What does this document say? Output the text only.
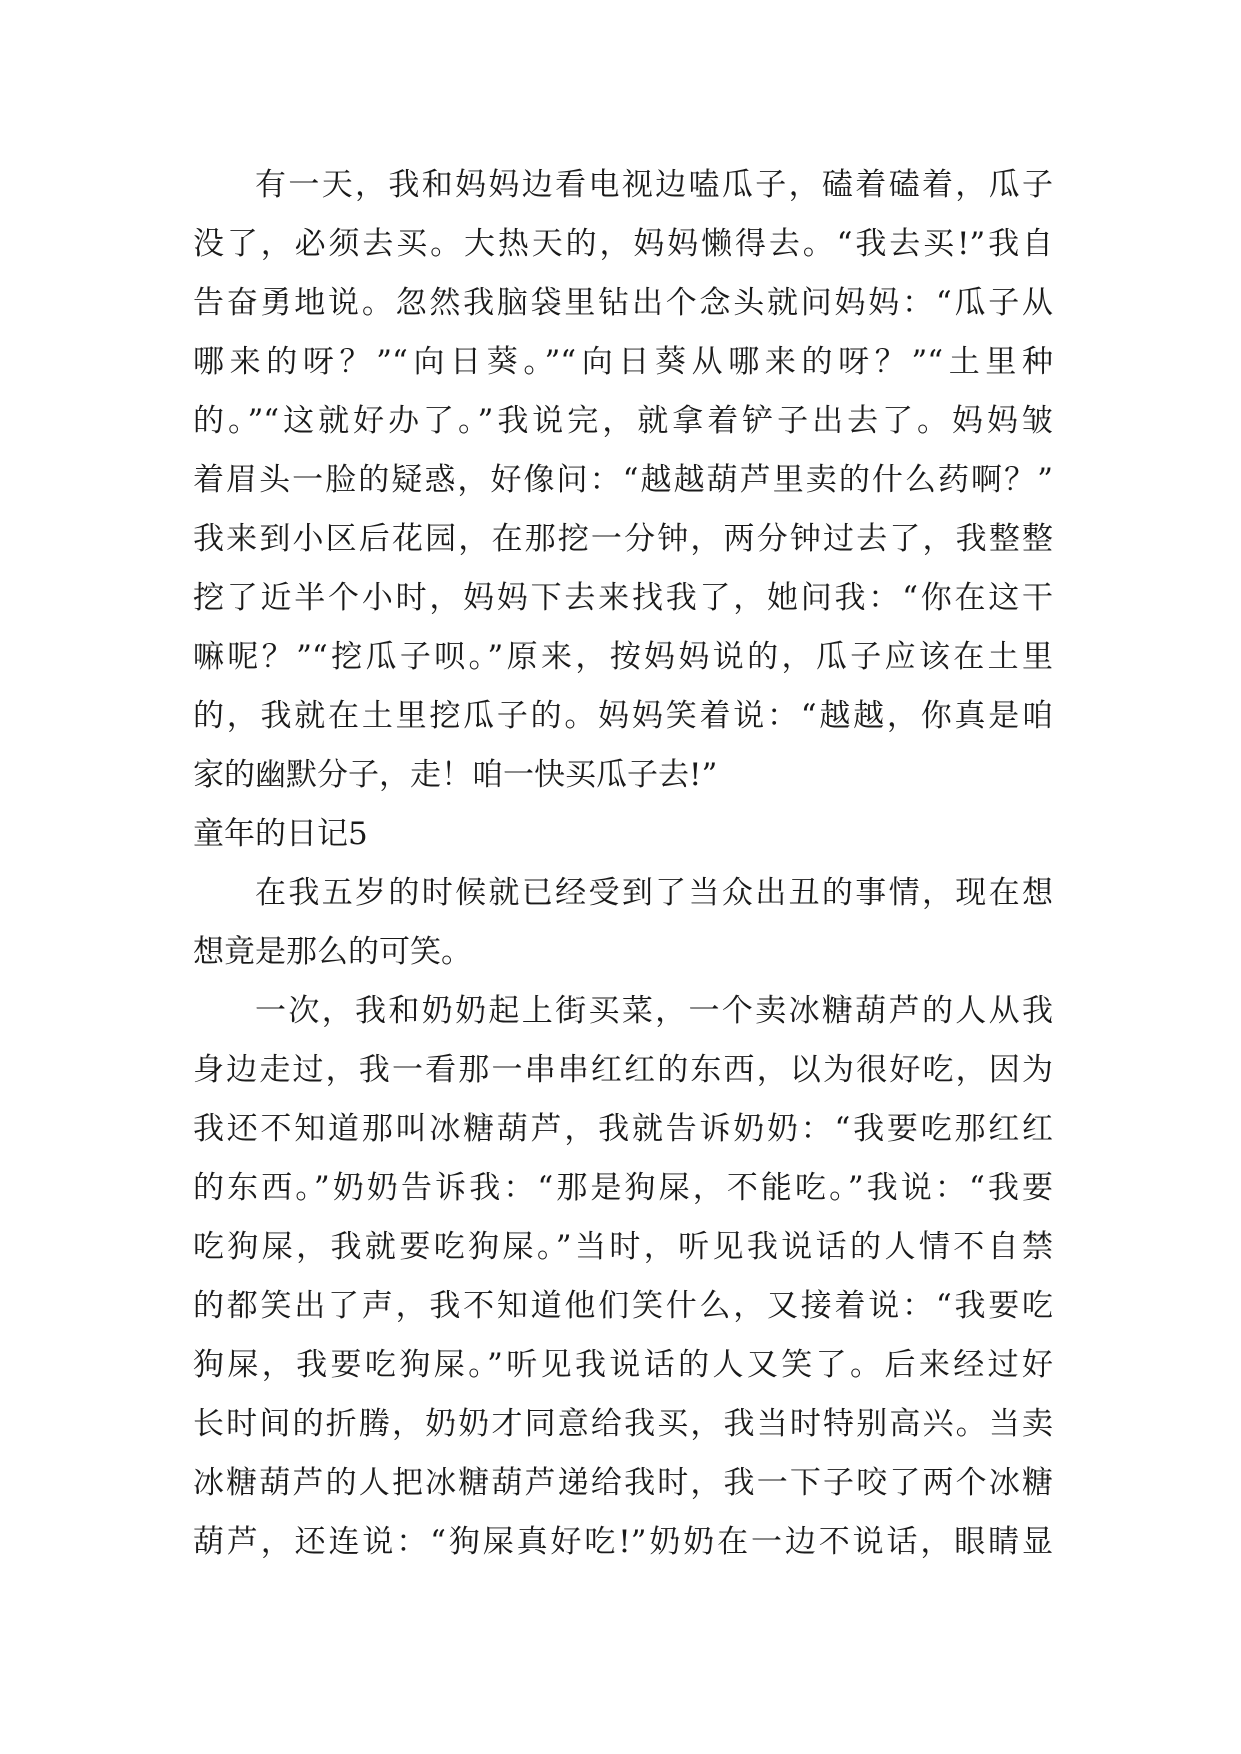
有一天，我和妈妈边看电视边嗑瓜子，磕着磕着，瓜子
没了，必须去买。大热天的，妈妈懒得去。“我去买!”我自
告奋勇地说。忽然我脑袋里钻出个念头就问妈妈：“瓜子从
哪来的呀？”“向日葵。”“向日葵从哪来的呀？”“土里种
的。”“这就好办了。”我说完，就拿着铲子出去了。妈妈皱
着眉头一脸的疑惑，好像问：“越越葫芦里卖的什么药啊？”
我来到小区后花园，在那挖一分钟，两分钟过去了，我整整
挖了近半个小时，妈妈下去来找我了，她问我：“你在这干
嘛呢？”“挖瓜子呗。”原来，按妈妈说的，瓜子应该在土里
的，我就在土里挖瓜子的。妈妈笑着说：“越越，你真是咱
家的幽默分子，走！咱一快买瓜子去!”
童年的日记5
在我五岁的时候就已经受到了当众出丑的事情，现在想
想竟是那么的可笑。
一次，我和奶奶起上街买菜，一个卖冰糖葫芦的人从我
身边走过，我一看那一串串红红的东西，以为很好吃，因为
我还不知道那叫冰糖葫芦，我就告诉奶奶：“我要吃那红红
的东西。”奶奶告诉我：“那是狗屎，不能吃。”我说：“我要
吃狗屎，我就要吃狗屎。”当时，听见我说话的人情不自禁
的都笑出了声，我不知道他们笑什么，又接着说：“我要吃
狗屎，我要吃狗屎。”听见我说话的人又笑了。后来经过好
长时间的折腾，奶奶才同意给我买，我当时特别高兴。当卖
冰糖葫芦的人把冰糖葫芦递给我时，我一下子咬了两个冰糖
葫芦，还连说：“狗屎真好吃!”奶奶在一边不说话，眼睛显
